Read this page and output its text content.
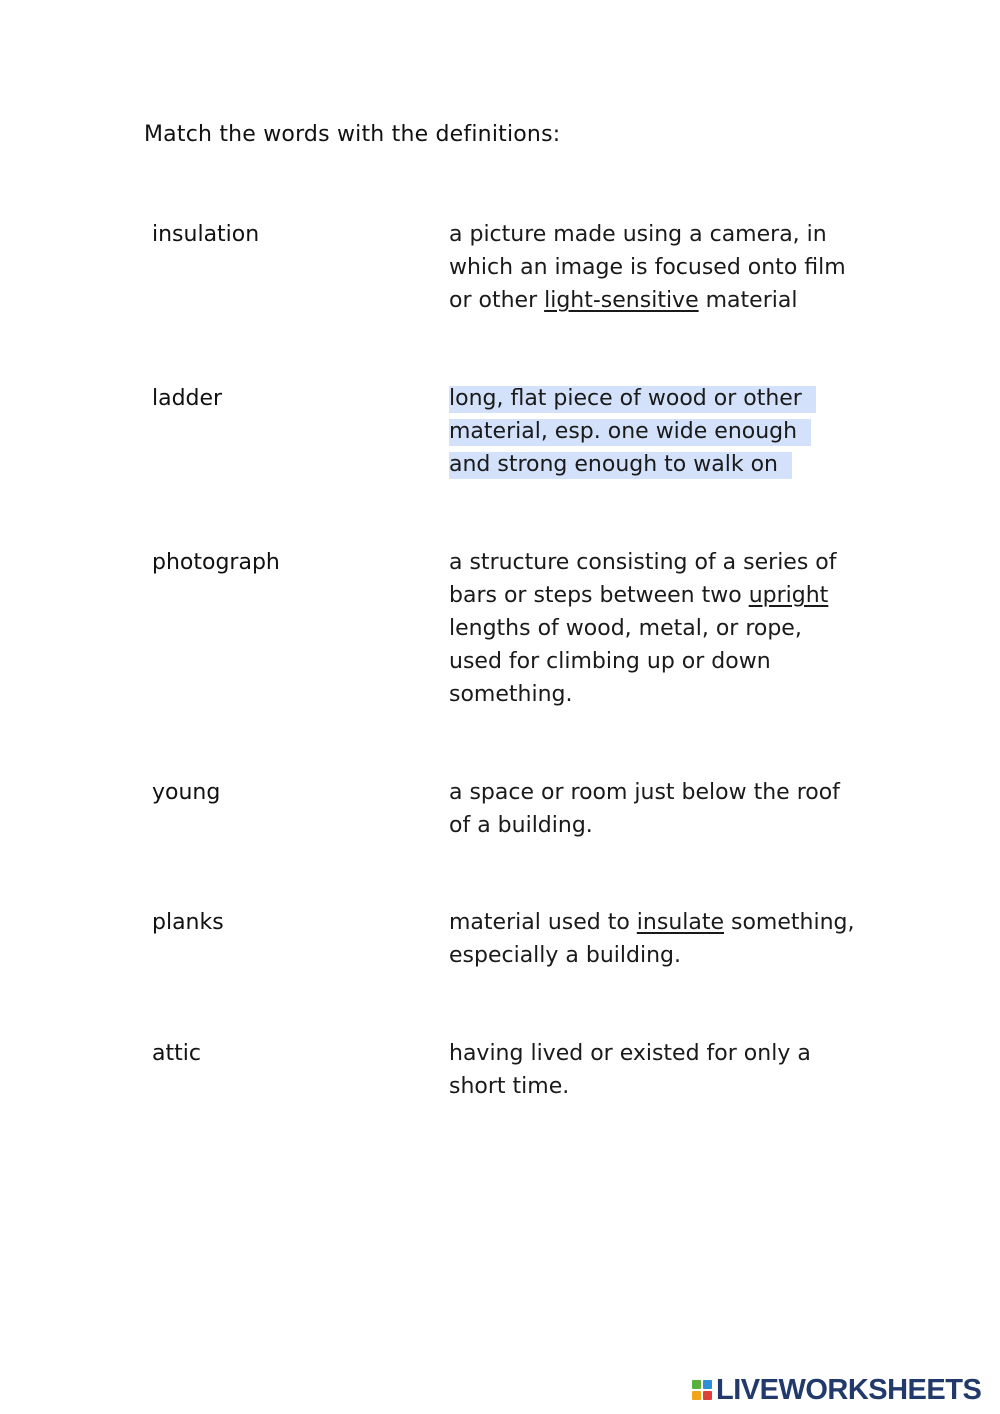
Match the words with the definitions:
insulation	a picture made using a camera, in which an image is focused onto film or other light-sensitive material
ladder	long, flat piece of wood or other material, esp. one wide enough and strong enough to walk on
photograph	a structure consisting of a series of bars or steps between two upright lengths of wood, metal, or rope, used for climbing up or down something.
young	a space or room just below the roof of a building.
planks	material used to insulate something, especially a building.
attic	having lived or existed for only a short time.
LIVEWORKSHEETS
